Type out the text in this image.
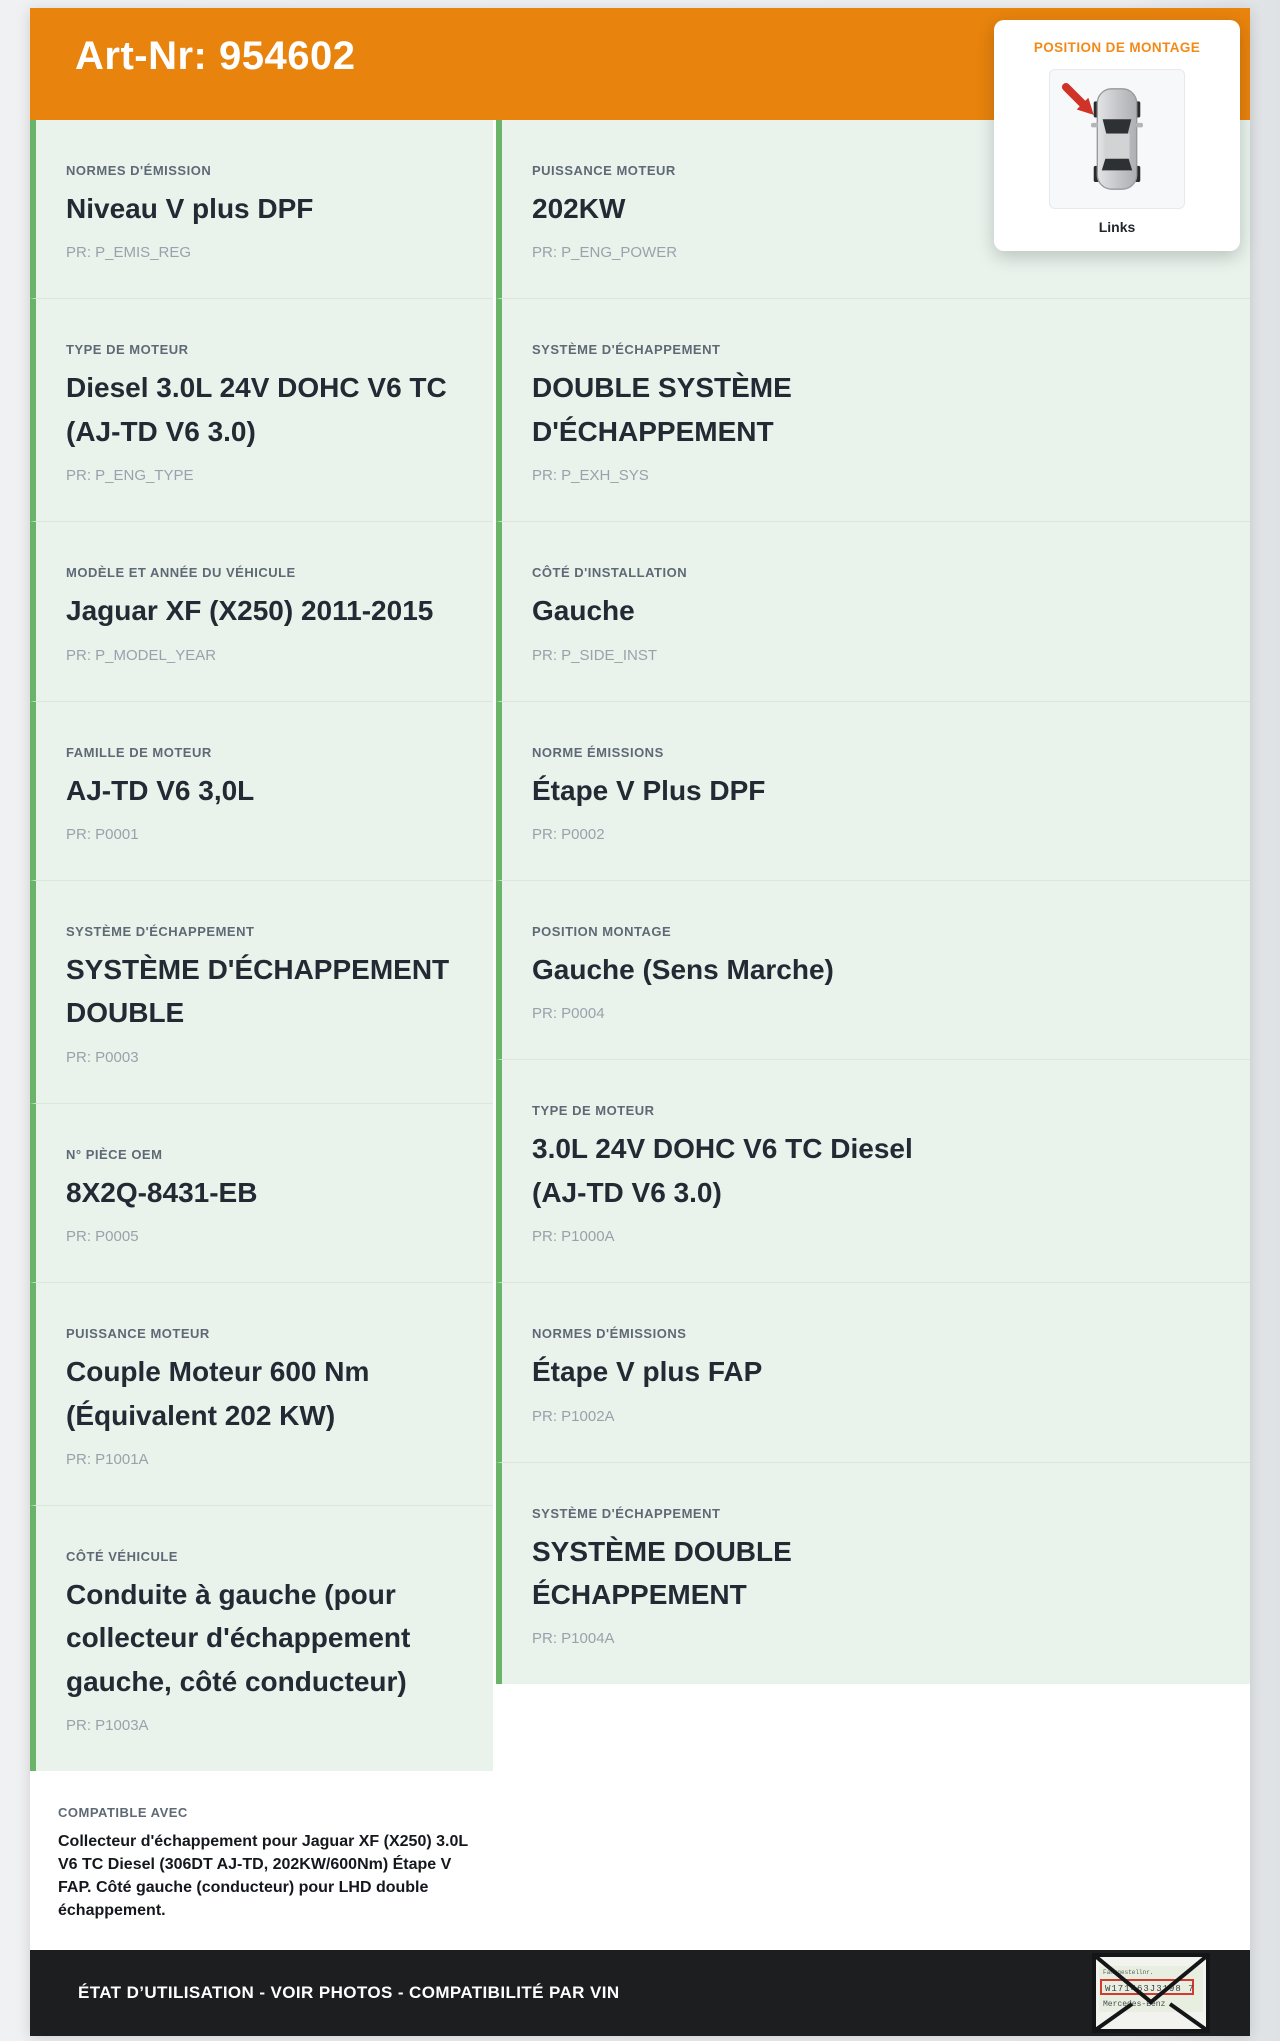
Art-Nr: 954602	POSITION DE MONTAGE
Links
NORMES D'ÉMISSION
Niveau V plus DPF
PR: P_EMIS_REG
TYPE DE MOTEUR
Diesel 3.0L 24V DOHC V6 TC (AJ-TD V6 3.0)
PR: P_ENG_TYPE
MODÈLE ET ANNÉE DU VÉHICULE
Jaguar XF (X250) 2011-2015
PR: P_MODEL_YEAR
FAMILLE DE MOTEUR
AJ-TD V6 3,0L
PR: P0001
SYSTÈME D'ÉCHAPPEMENT
SYSTÈME D'ÉCHAPPEMENT DOUBLE
PR: P0003
N° PIÈCE OEM
8X2Q-8431-EB
PR: P0005
PUISSANCE MOTEUR
Couple Moteur 600 Nm (Équivalent 202 KW)
PR: P1001A
CÔTÉ VÉHICULE
Conduite à gauche (pour collecteur d'échappement gauche, côté conducteur)
PR: P1003A
COMPATIBLE AVEC
Collecteur d'échappement pour Jaguar XF (X250) 3.0L V6 TC Diesel (306DT AJ-TD, 202KW/600Nm) Étape V FAP. Côté gauche (conducteur) pour LHD double échappement.
PUISSANCE MOTEUR
202KW
PR: P_ENG_POWER
SYSTÈME D'ÉCHAPPEMENT
DOUBLE SYSTÈME D'ÉCHAPPEMENT
PR: P_EXH_SYS
CÔTÉ D'INSTALLATION
Gauche
PR: P_SIDE_INST
NORME ÉMISSIONS
Étape V Plus DPF
PR: P0002
POSITION MONTAGE
Gauche (Sens Marche)
PR: P0004
TYPE DE MOTEUR
3.0L 24V DOHC V6 TC Diesel (AJ-TD V6 3.0)
PR: P1000A
NORMES D'ÉMISSIONS
Étape V plus FAP
PR: P1002A
SYSTÈME D'ÉCHAPPEMENT
SYSTÈME DOUBLE ÉCHAPPEMENT
PR: P1004A
ÉTAT D’UTILISATION - VOIR PHOTOS - COMPATIBILITÉ PAR VIN
Fahrgestellnr.
W171463J3198 7
Mercedes-Benz
